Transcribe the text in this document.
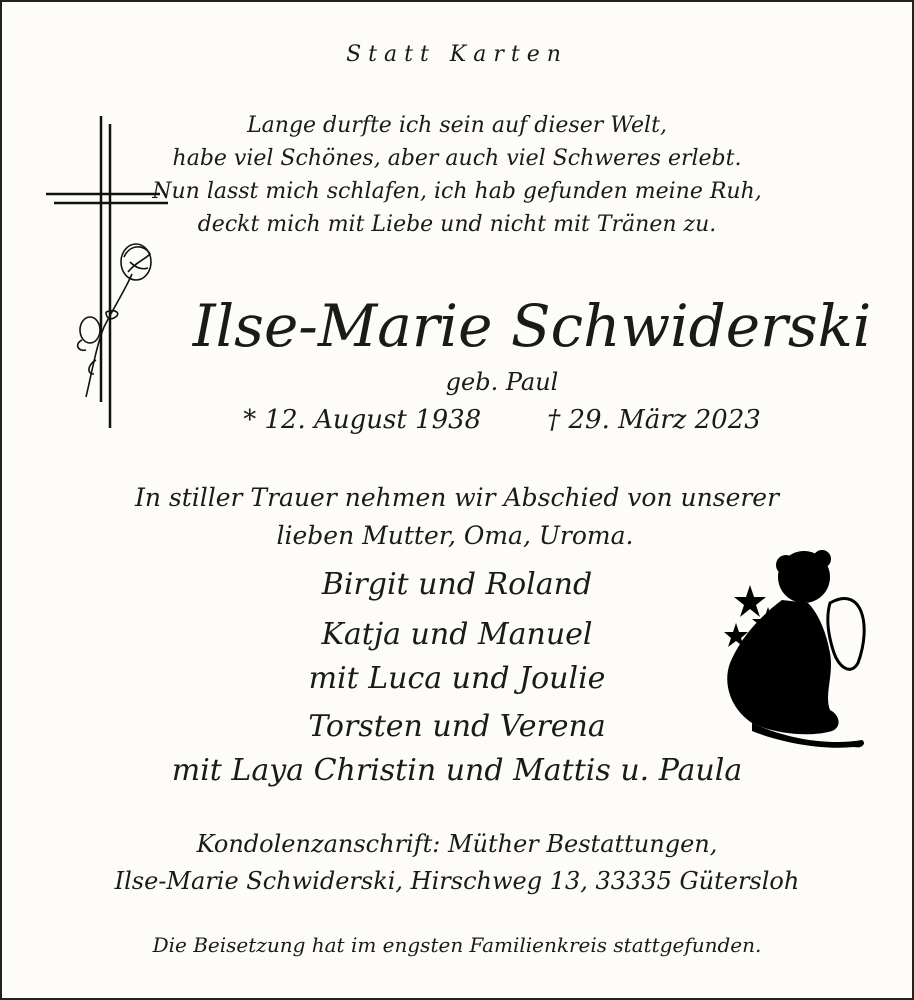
Statt Karten
Lange durfte ich sein auf dieser Welt,
habe viel Schönes, aber auch viel Schweres erlebt.
Nun lasst mich schlafen, ich hab gefunden meine Ruh,
deckt mich mit Liebe und nicht mit Tränen zu.
Ilse-Marie Schwiderski
geb. Paul
* 12. August 1938	† 29. März 2023
In stiller Trauer nehmen wir Abschied von unserer
lieben Mutter, Oma, Uroma.
Birgit und Roland
Katja und Manuel
mit Luca und Joulie
Torsten und Verena
mit Laya Christin und Mattis u. Paula
Kondolenzanschrift: Müther Bestattungen,
Ilse-Marie Schwiderski, Hirschweg 13, 33335 Gütersloh
Die Beisetzung hat im engsten Familienkreis stattgefunden.
